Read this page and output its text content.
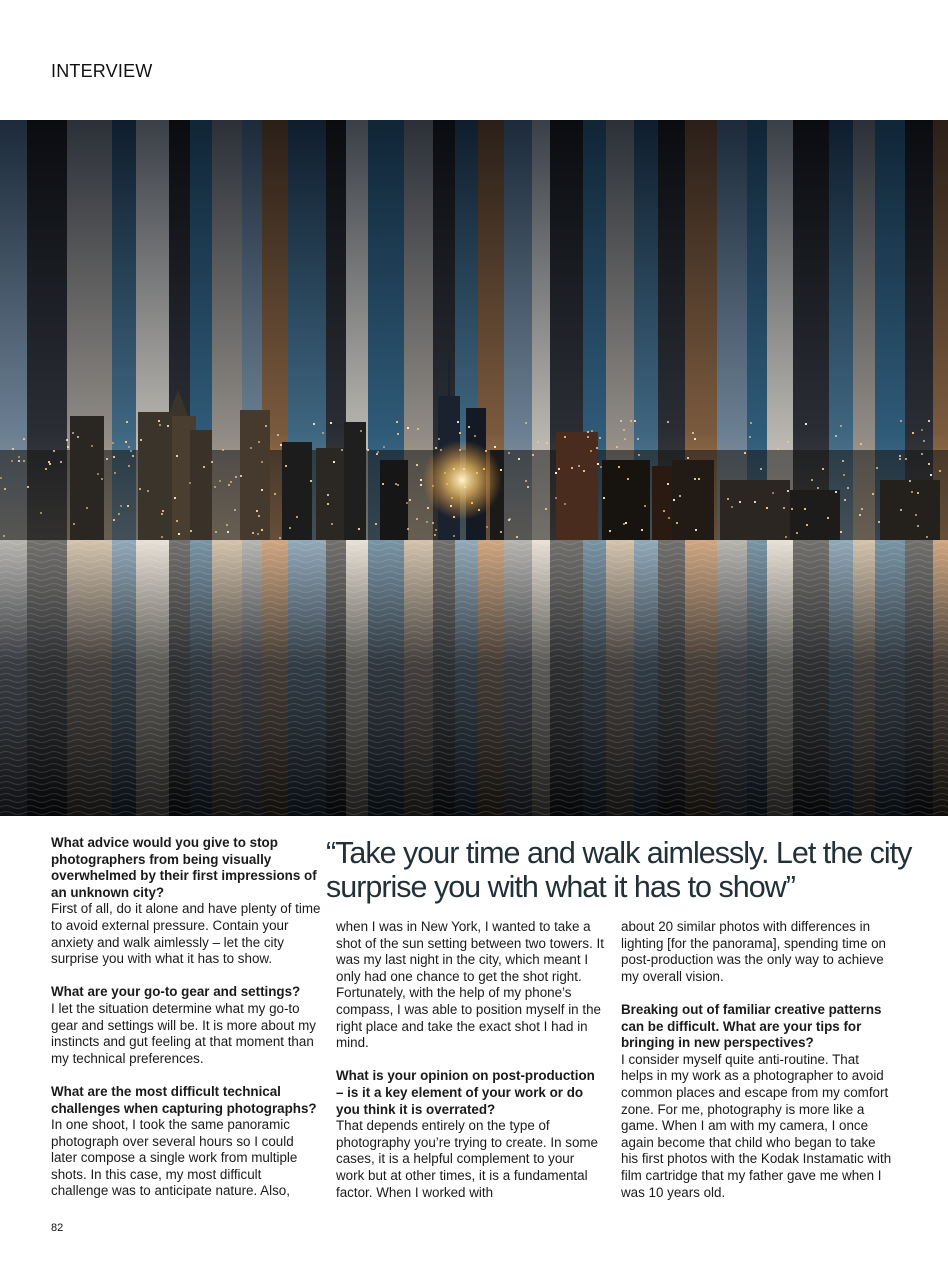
INTERVIEW

What advice would you give to stop photographers from being visually overwhelmed by their first impressions of an unknown city?
First of all, do it alone and have plenty of time to avoid external pressure. Contain your anxiety and walk aimlessly – let the city surprise you with what it has to show.

What are your go-to gear and settings?
I let the situation determine what my go-to gear and settings will be. It is more about my instincts and gut feeling at that moment than my technical preferences.

What are the most difficult technical challenges when capturing photographs?
In one shoot, I took the same panoramic photograph over several hours so I could later compose a single work from multiple shots. In this case, my most difficult challenge was to anticipate nature. Also,

“Take your time and walk aimlessly. Let the city surprise you with what it has to show”

when I was in New York, I wanted to take a shot of the sun setting between two towers. It was my last night in the city, which meant I only had one chance to get the shot right. Fortunately, with the help of my phone’s compass, I was able to position myself in the right place and take the exact shot I had in mind.

What is your opinion on post-production – is it a key element of your work or do you think it is overrated?
That depends entirely on the type of photography you’re trying to create. In some cases, it is a helpful complement to your work but at other times, it is a fundamental factor. When I worked with

about 20 similar photos with differences in lighting [for the panorama], spending time on post-production was the only way to achieve my overall vision.

Breaking out of familiar creative patterns can be difficult. What are your tips for bringing in new perspectives?
I consider myself quite anti-routine. That helps in my work as a photographer to avoid common places and escape from my comfort zone. For me, photography is more like a game. When I am with my camera, I once again become that child who began to take his first photos with the Kodak Instamatic with film cartridge that my father gave me when I was 10 years old.

82
